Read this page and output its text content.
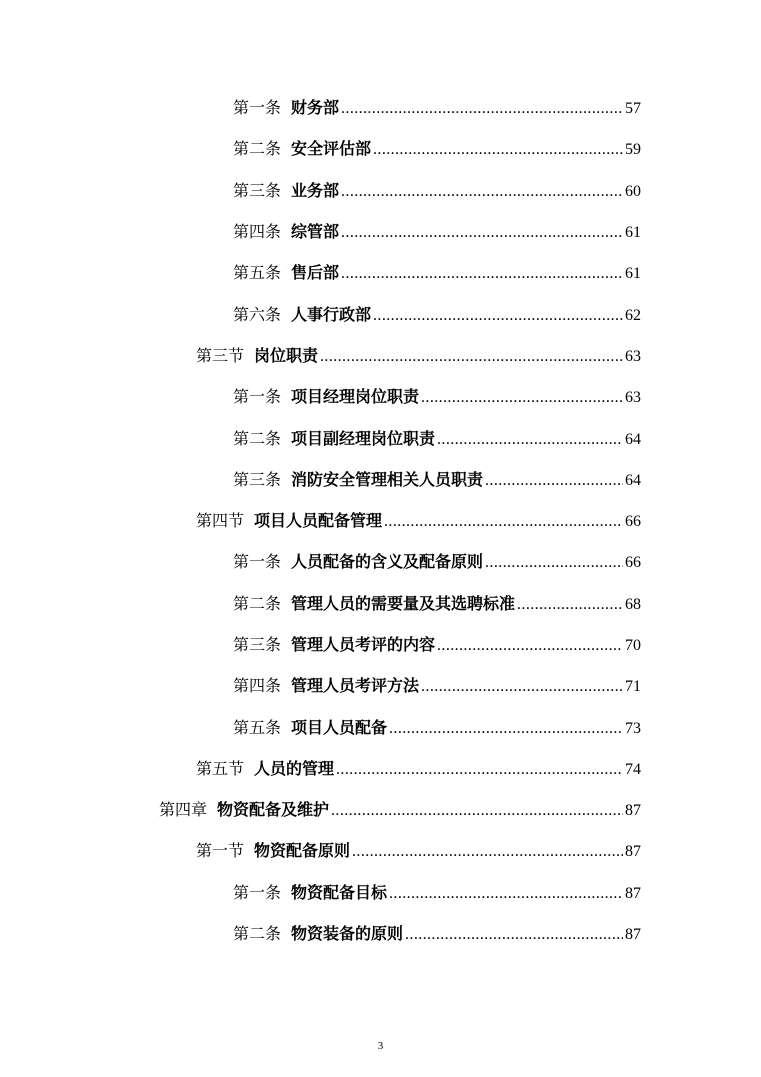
第一条 财务部 .....	57
第二条 安全评估部 .....	59
第三条 业务部 .....	60
第四条 综管部 .....	61
第五条 售后部 .....	61
第六条 人事行政部 .....	62
第三节 岗位职责 .....	63
第一条 项目经理岗位职责 .....	63
第二条 项目副经理岗位职责 .....	64
第三条 消防安全管理相关人员职责 .....	64
第四节 项目人员配备管理 .....	66
第一条 人员配备的含义及配备原则 .....	66
第二条 管理人员的需要量及其选聘标准 .....	68
第三条 管理人员考评的内容 .....	70
第四条 管理人员考评方法 .....	71
第五条 项目人员配备 .....	73
第五节 人员的管理 .....	74
第四章 物资配备及维护 .....	87
第一节 物资配备原则 .....	87
第一条 物资配备目标 .....	87
第二条 物资装备的原则 .....	87
3
